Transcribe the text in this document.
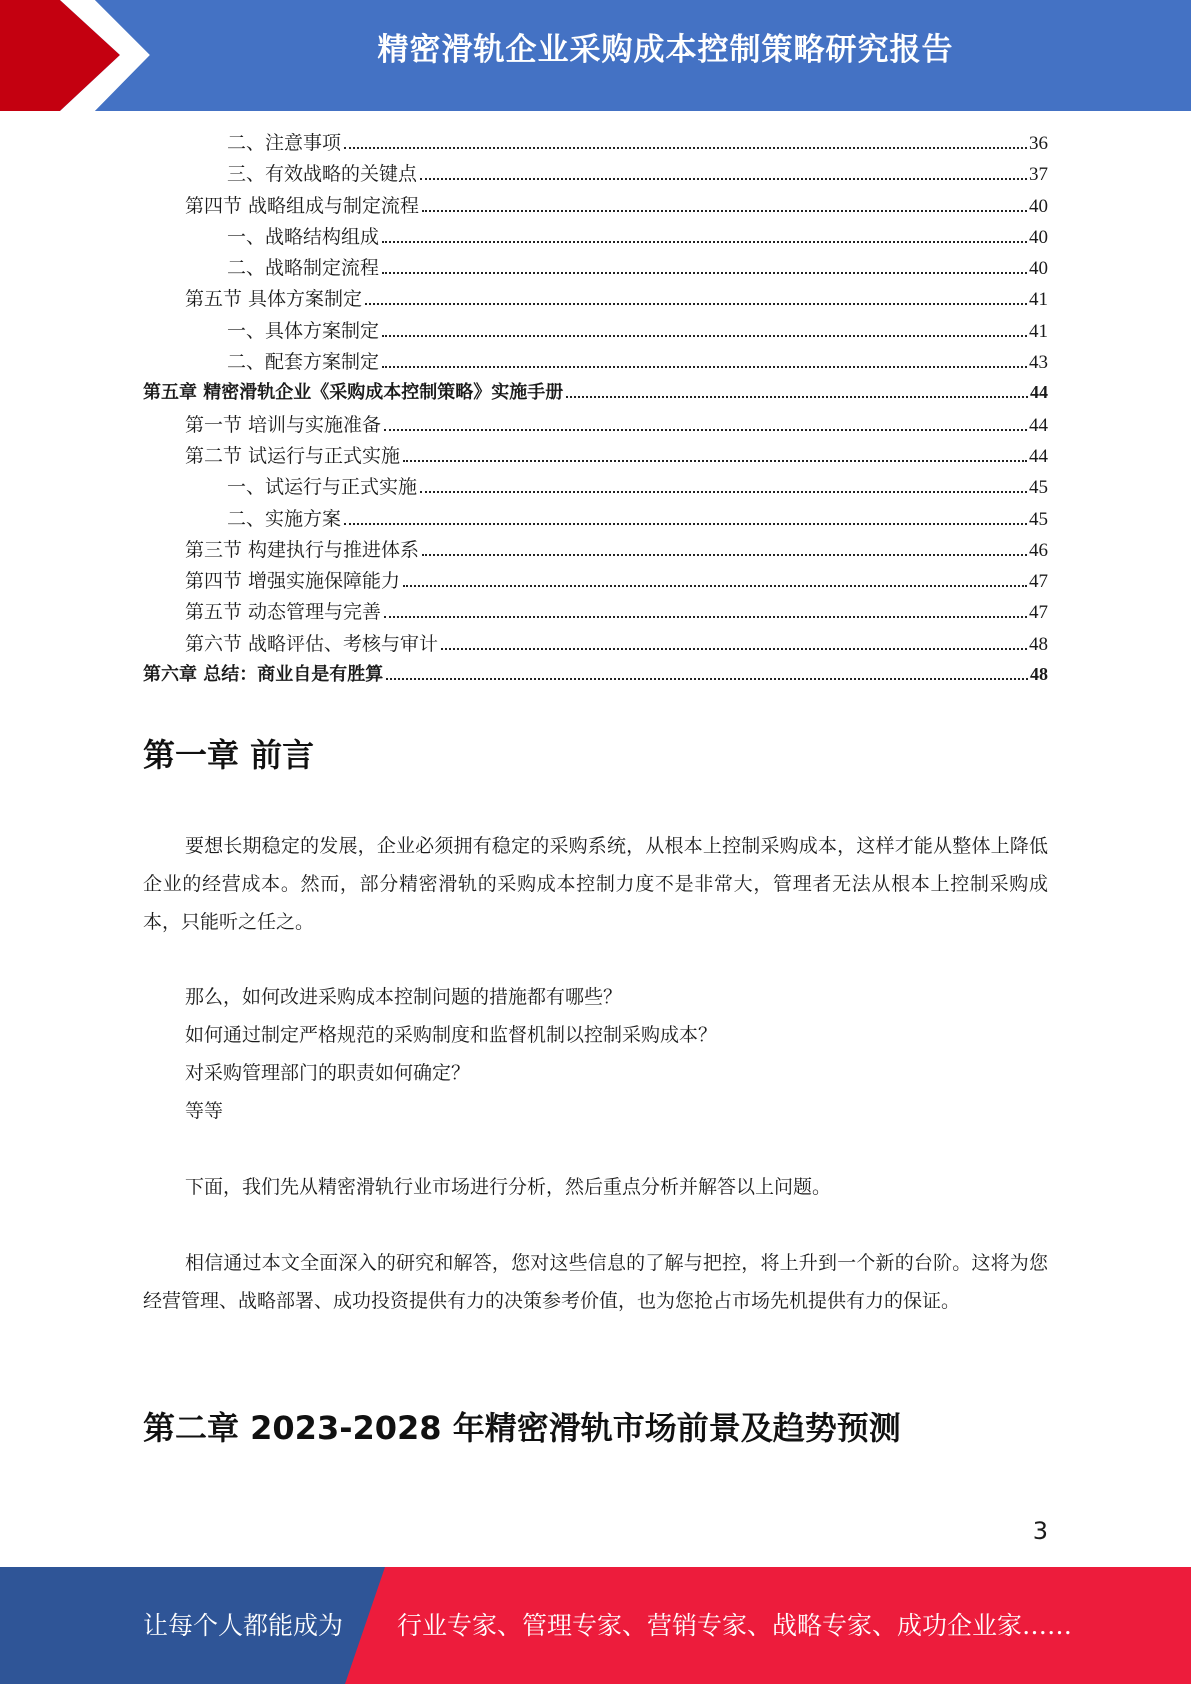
精密滑轨企业采购成本控制策略研究报告
二、注意事项	36
三、有效战略的关键点	37
第四节 战略组成与制定流程	40
一、战略结构组成	40
二、战略制定流程	40
第五节 具体方案制定	41
一、具体方案制定	41
二、配套方案制定	43
第五章 精密滑轨企业《采购成本控制策略》实施手册	44
第一节 培训与实施准备	44
第二节 试运行与正式实施	44
一、试运行与正式实施	45
二、实施方案	45
第三节 构建执行与推进体系	46
第四节 增强实施保障能力	47
第五节 动态管理与完善	47
第六节 战略评估、考核与审计	48
第六章 总结：商业自是有胜算	48
第一章 前言

要想长期稳定的发展，企业必须拥有稳定的采购系统，从根本上控制采购成本，这样才能从整体上降低企业的经营成本。然而，部分精密滑轨的采购成本控制力度不是非常大，管理者无法从根本上控制采购成本，只能听之任之。

那么，如何改进采购成本控制问题的措施都有哪些？

如何通过制定严格规范的采购制度和监督机制以控制采购成本？

对采购管理部门的职责如何确定？

等等

下面，我们先从精密滑轨行业市场进行分析，然后重点分析并解答以上问题。

相信通过本文全面深入的研究和解答，您对这些信息的了解与把控，将上升到一个新的台阶。这将为您经营管理、战略部署、成功投资提供有力的决策参考价值，也为您抢占市场先机提供有力的保证。

第二章 2023-2028 年精密滑轨市场前景及趋势预测
3
让每个人都能成为 行业专家、管理专家、营销专家、战略专家、成功企业家……
